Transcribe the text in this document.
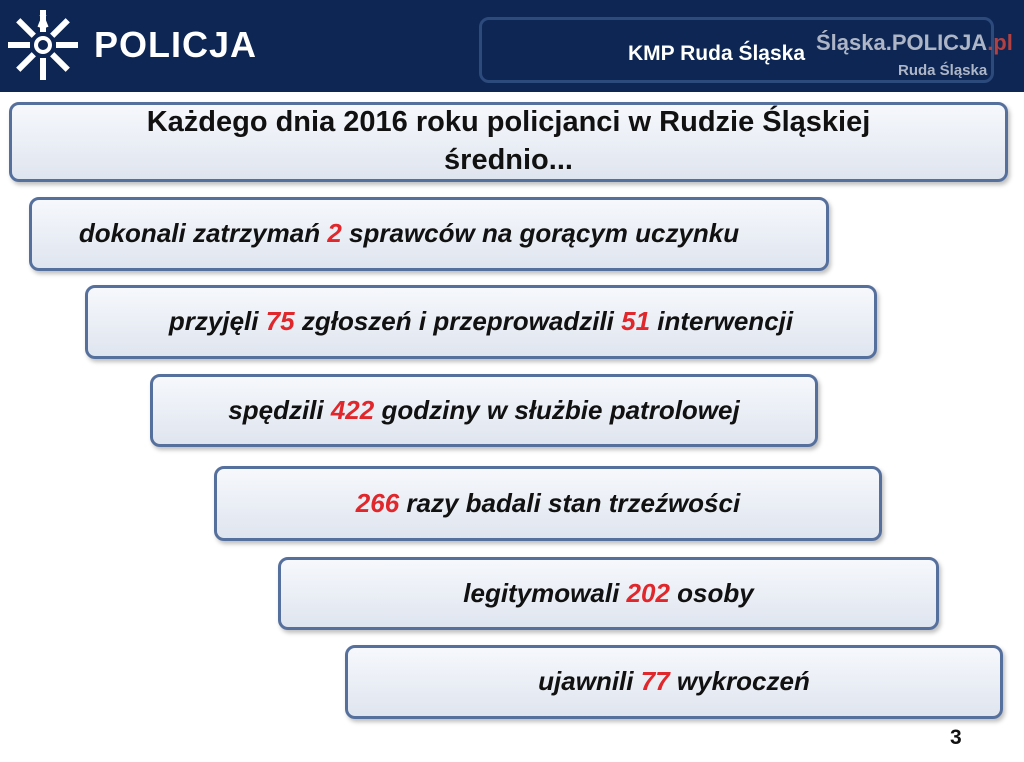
POLICJA	KMP Ruda Śląska Śląska.POLICJA.pl
Ruda Śląska
Każdego dnia 2016 roku policjanci w Rudzie Śląskiej
średnio...
dokonali zatrzymań 2 sprawców na gorącym uczynku
przyjęli 75 zgłoszeń i przeprowadzili 51 interwencji
spędzili 422 godziny w służbie patrolowej
266 razy badali stan trzeźwości
legitymowali 202 osoby
ujawnili 77 wykroczeń
3
